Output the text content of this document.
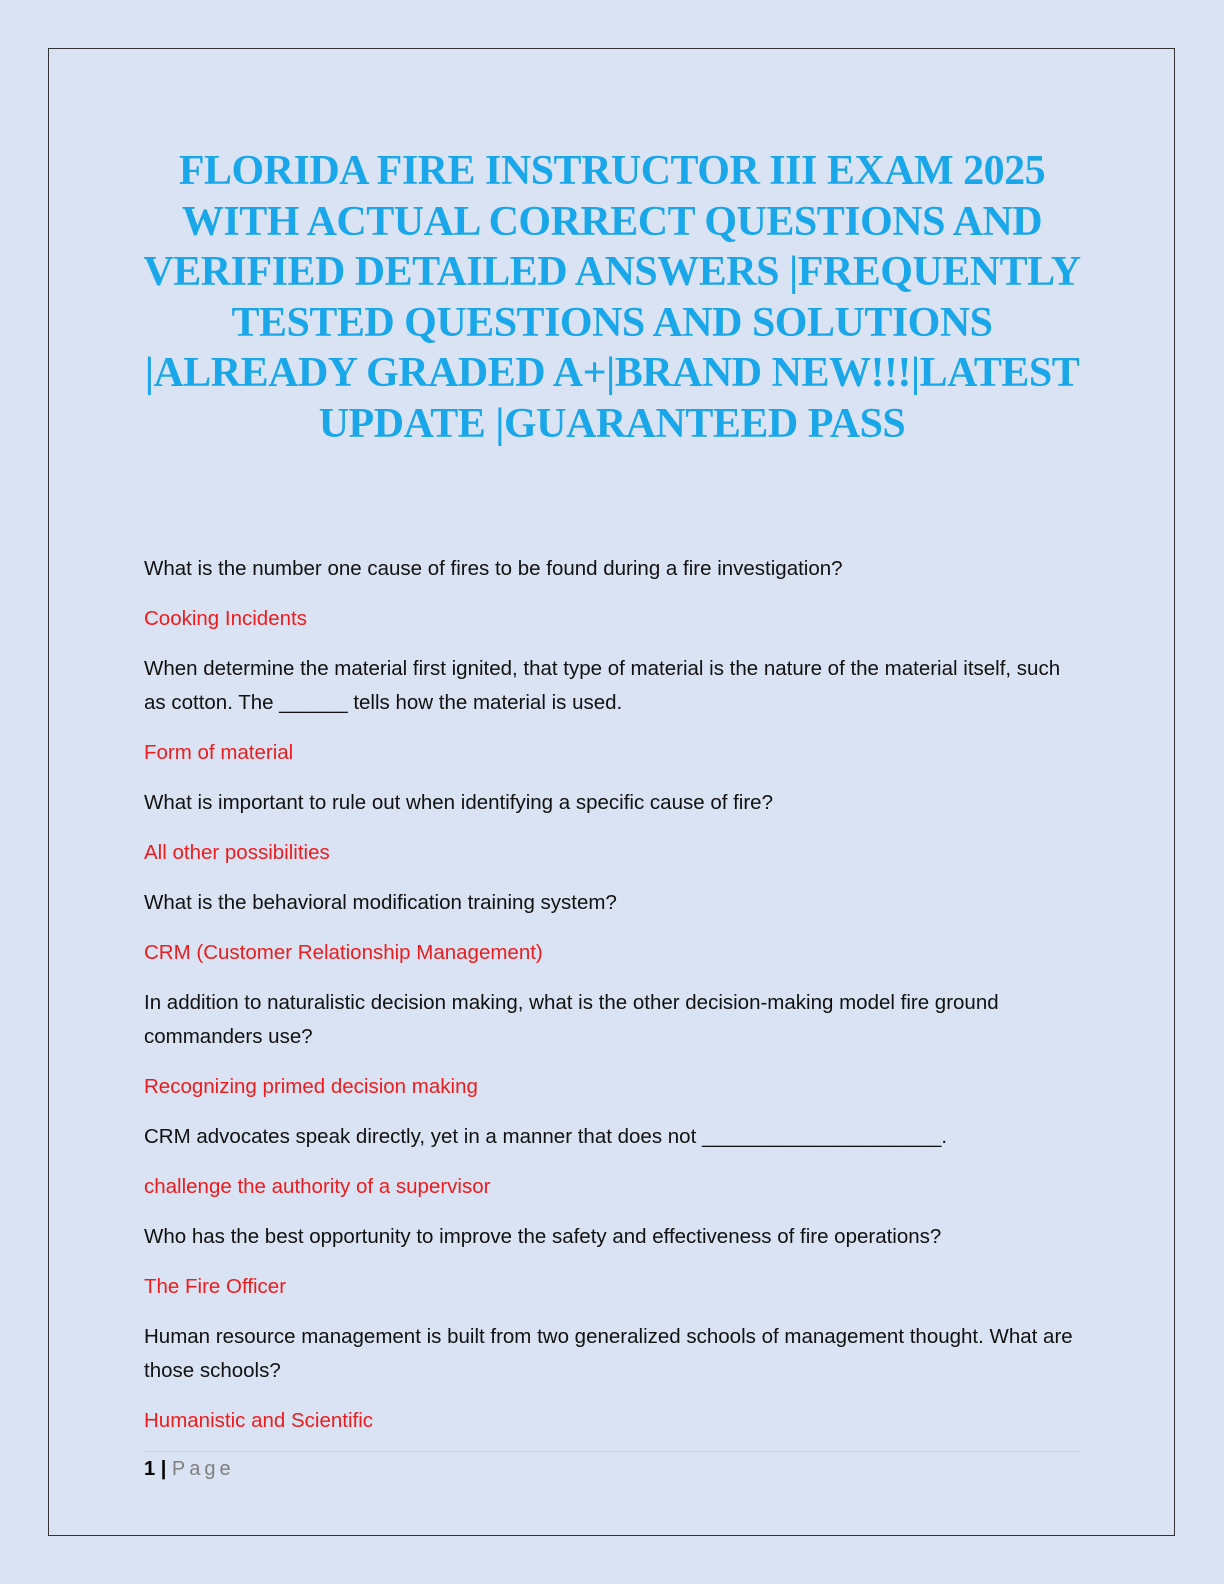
FLORIDA FIRE INSTRUCTOR III EXAM 2025 WITH ACTUAL CORRECT QUESTIONS AND VERIFIED DETAILED ANSWERS |FREQUENTLY TESTED QUESTIONS AND SOLUTIONS |ALREADY GRADED A+|BRAND NEW!!!|LATEST UPDATE |GUARANTEED PASS

What is the number one cause of fires to be found during a fire investigation?

Cooking Incidents

When determine the material first ignited, that type of material is the nature of the material itself, such as cotton. The ______ tells how the material is used.

Form of material

What is important to rule out when identifying a specific cause of fire?

All other possibilities

What is the behavioral modification training system?

CRM (Customer Relationship Management)

In addition to naturalistic decision making, what is the other decision-making model fire ground commanders use?

Recognizing primed decision making

CRM advocates speak directly, yet in a manner that does not _____________________.

challenge the authority of a supervisor

Who has the best opportunity to improve the safety and effectiveness of fire operations?

The Fire Officer

Human resource management is built from two generalized schools of management thought. What are those schools?

Humanistic and Scientific

1 | Page
